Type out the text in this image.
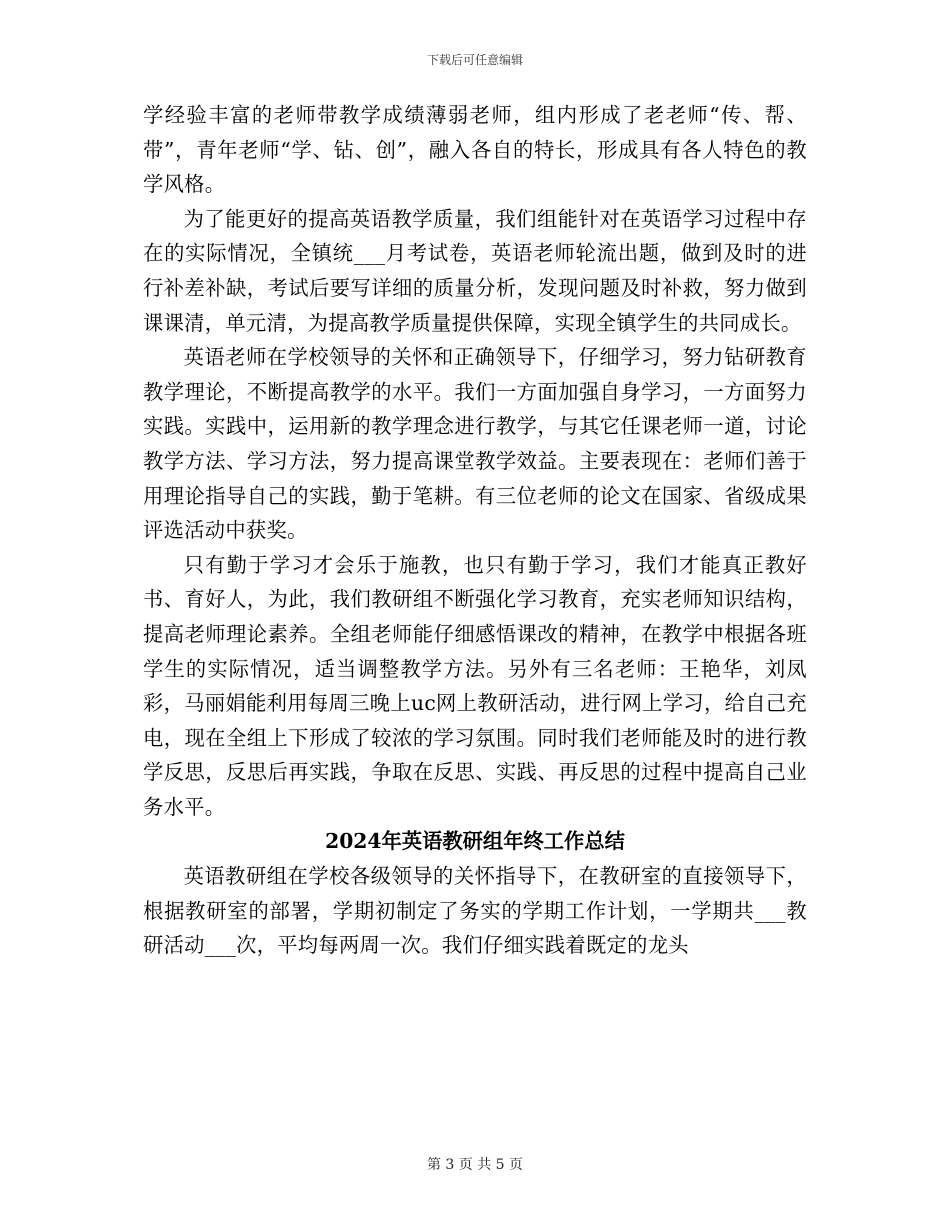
下载后可任意编辑

学经验丰富的老师带教学成绩薄弱老师，组内形成了老老师“传、帮、带”，青年老师“学、钻、创”，融入各自的特长，形成具有各人特色的教学风格。

为了能更好的提高英语教学质量，我们组能针对在英语学习过程中存在的实际情况，全镇统___月考试卷，英语老师轮流出题，做到及时的进行补差补缺，考试后要写详细的质量分析，发现问题及时补救，努力做到课课清，单元清，为提高教学质量提供保障，实现全镇学生的共同成长。

英语老师在学校领导的关怀和正确领导下，仔细学习，努力钻研教育教学理论，不断提高教学的水平。我们一方面加强自身学习，一方面努力实践。实践中，运用新的教学理念进行教学，与其它任课老师一道，讨论教学方法、学习方法，努力提高课堂教学效益。主要表现在：老师们善于用理论指导自己的实践，勤于笔耕。有三位老师的论文在国家、省级成果评选活动中获奖。

只有勤于学习才会乐于施教，也只有勤于学习，我们才能真正教好书、育好人，为此，我们教研组不断强化学习教育，充实老师知识结构，提高老师理论素养。全组老师能仔细感悟课改的精神，在教学中根据各班学生的实际情况，适当调整教学方法。另外有三名老师：王艳华，刘凤彩，马丽娟能利用每周三晚上uc网上教研活动，进行网上学习，给自己充电，现在全组上下形成了较浓的学习氛围。同时我们老师能及时的进行教学反思，反思后再实践，争取在反思、实践、再反思的过程中提高自己业务水平。

2024年英语教研组年终工作总结

英语教研组在学校各级领导的关怀指导下，在教研室的直接领导下，根据教研室的部署，学期初制定了务实的学期工作计划，一学期共___教研活动___次，平均每两周一次。我们仔细实践着既定的龙头

第 3 页 共 5 页
